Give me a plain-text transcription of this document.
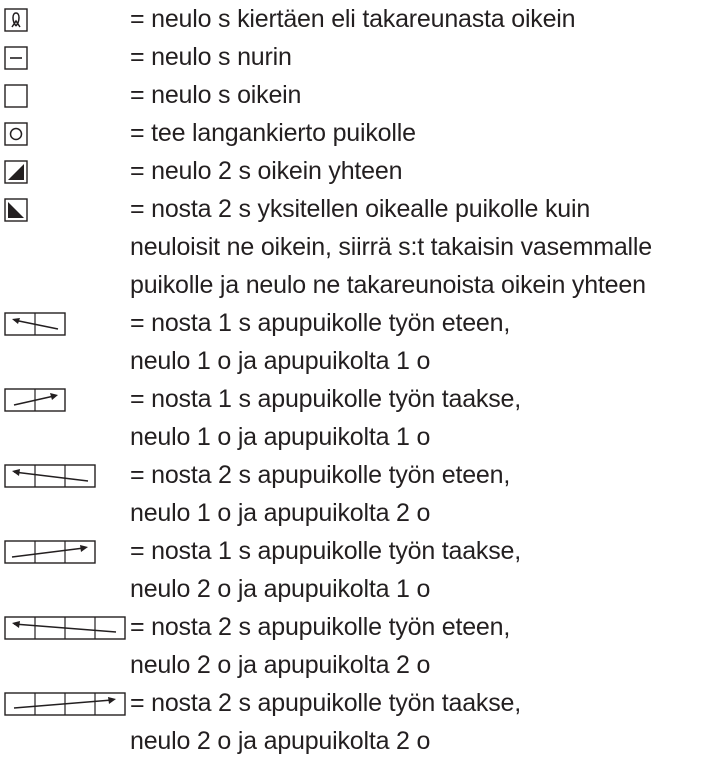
= neulo s kiertäen eli takareunasta oikein
= neulo s nurin
= neulo s oikein
= tee langankierto puikolle
= neulo 2 s oikein yhteen
= nosta 2 s yksitellen oikealle puikolle kuin
neuloisit ne oikein, siirrä s:t takaisin vasemmalle
puikolle ja neulo ne takareunoista oikein yhteen
= nosta 1 s apupuikolle työn eteen,
neulo 1 o ja apupuikolta 1 o
= nosta 1 s apupuikolle työn taakse,
neulo 1 o ja apupuikolta 1 o
= nosta 2 s apupuikolle työn eteen,
neulo 1 o ja apupuikolta 2 o
= nosta 1 s apupuikolle työn taakse,
neulo 2 o ja apupuikolta 1 o
= nosta 2 s apupuikolle työn eteen,
neulo 2 o ja apupuikolta 2 o
= nosta 2 s apupuikolle työn taakse,
neulo 2 o ja apupuikolta 2 o
